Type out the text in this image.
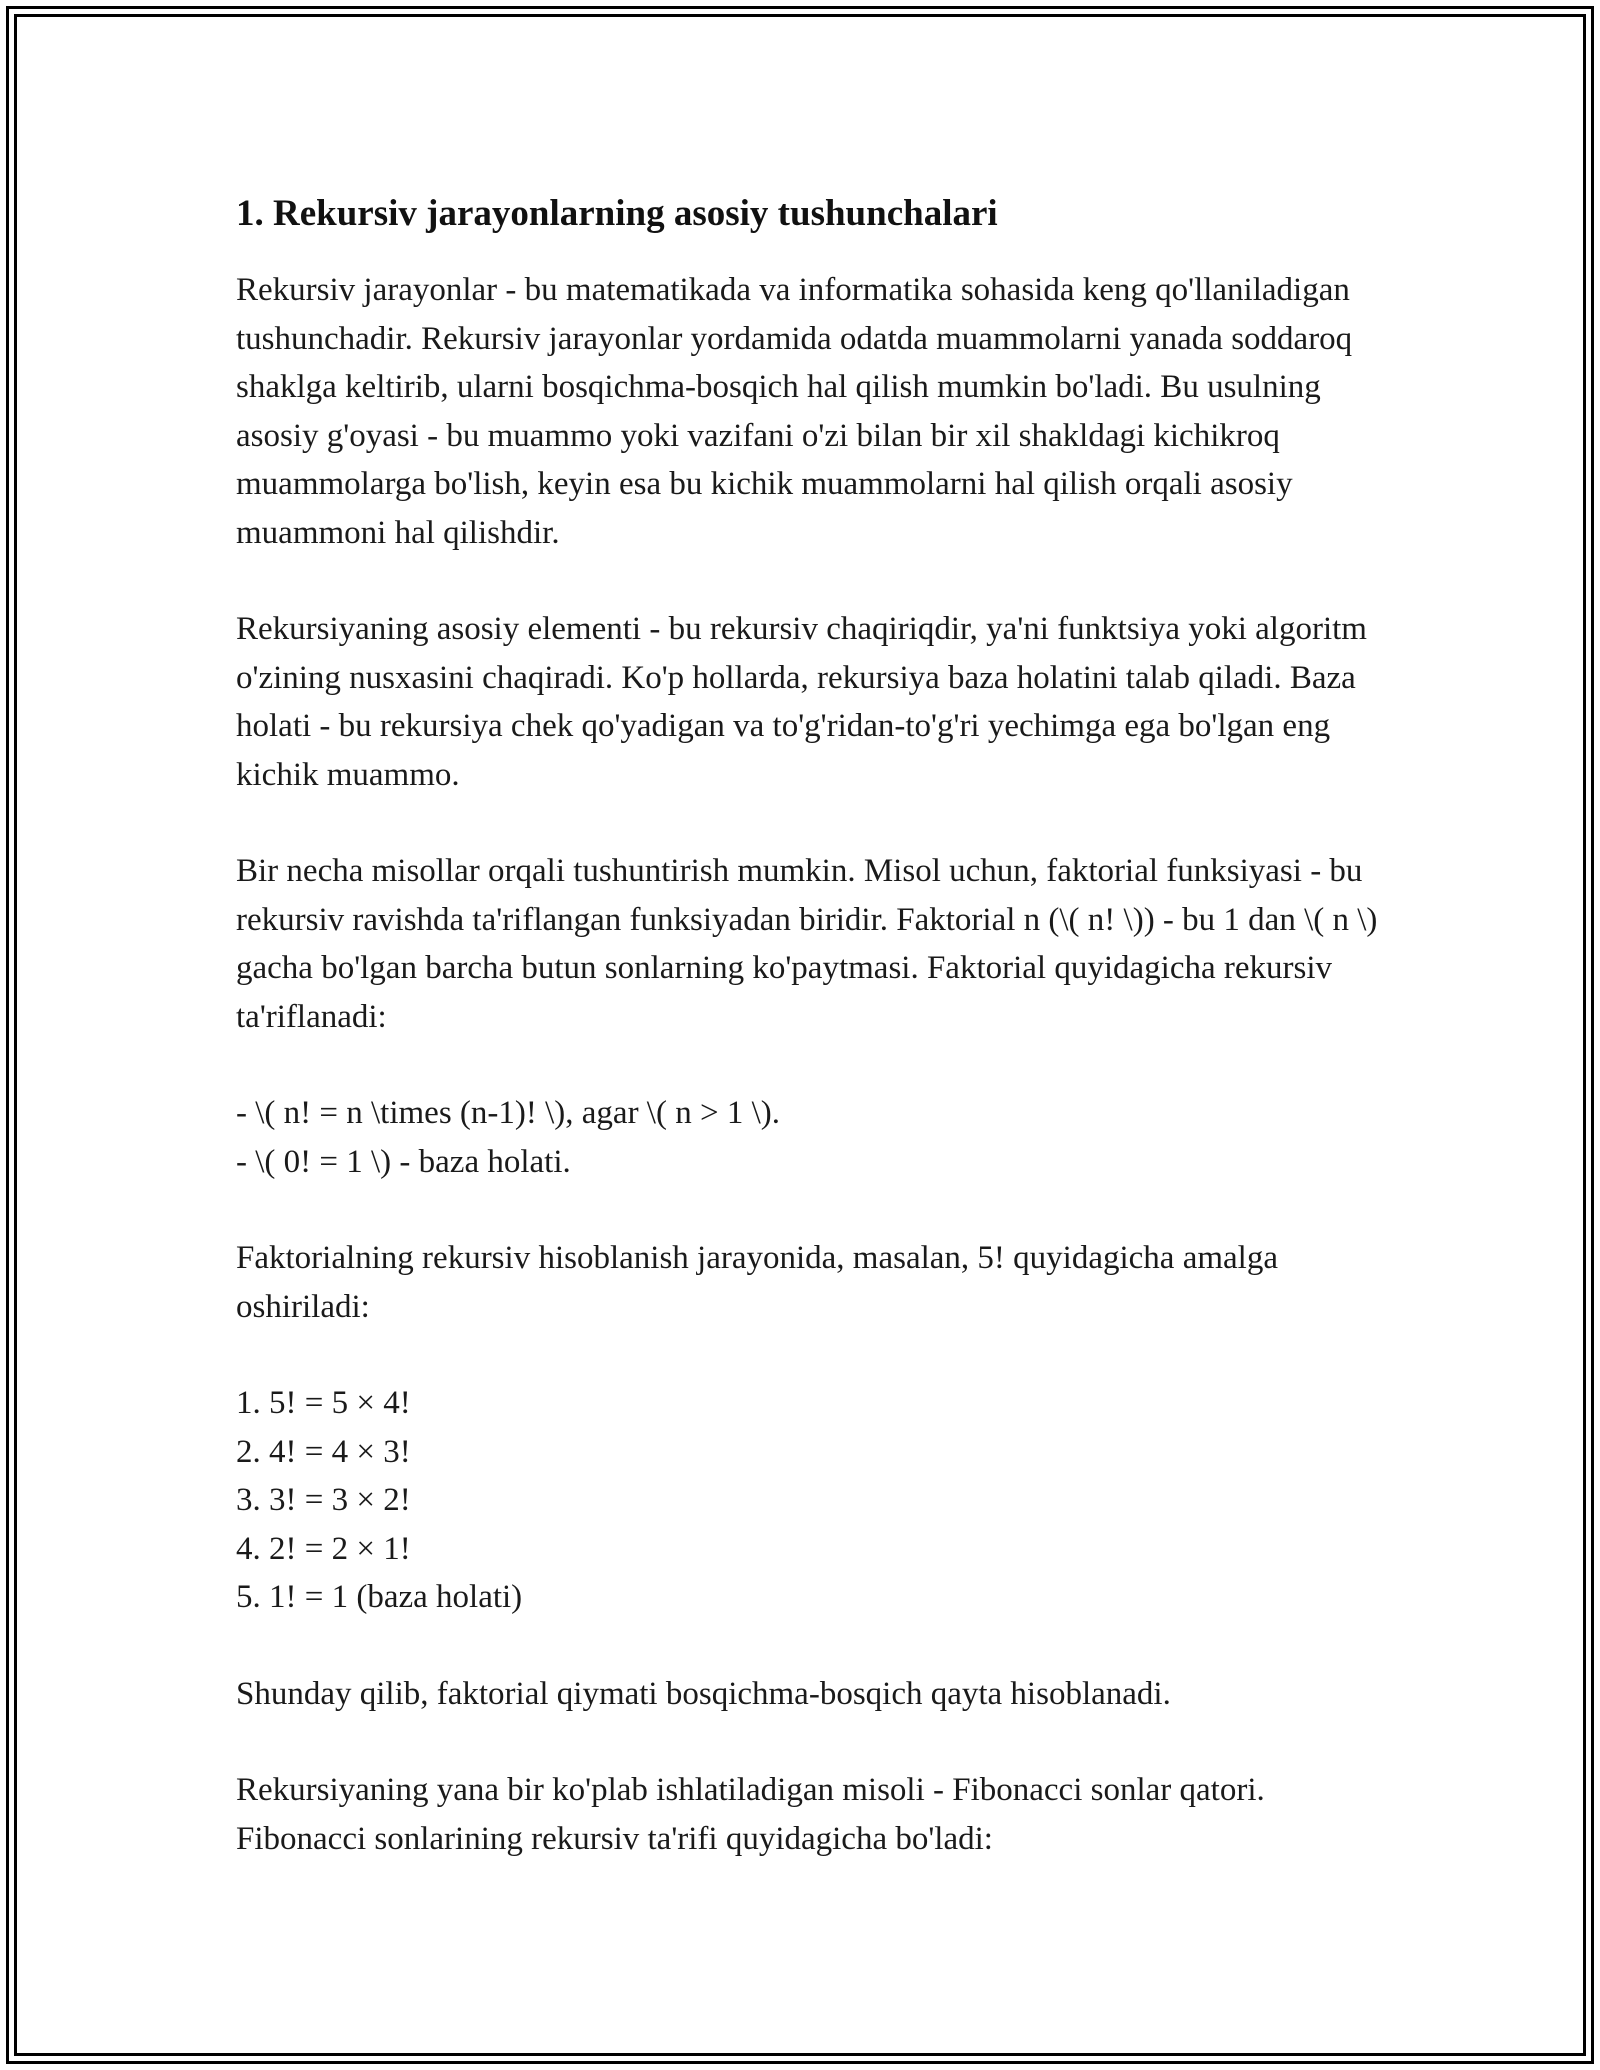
1. Rekursiv jarayonlarning asosiy tushunchalari

Rekursiv jarayonlar - bu matematikada va informatika sohasida keng qo'llaniladigan tushunchadir. Rekursiv jarayonlar yordamida odatda muammolarni yanada soddaroq shaklga keltirib, ularni bosqichma-bosqich hal qilish mumkin bo'ladi. Bu usulning asosiy g'oyasi - bu muammo yoki vazifani o'zi bilan bir xil shakldagi kichikroq muammolarga bo'lish, keyin esa bu kichik muammolarni hal qilish orqali asosiy muammoni hal qilishdir.

Rekursiyaning asosiy elementi - bu rekursiv chaqiriqdir, ya'ni funktsiya yoki algoritm o'zining nusxasini chaqiradi. Ko'p hollarda, rekursiya baza holatini talab qiladi. Baza holati - bu rekursiya chek qo'yadigan va to'g'ridan-to'g'ri yechimga ega bo'lgan eng kichik muammo.

Bir necha misollar orqali tushuntirish mumkin. Misol uchun, faktorial funksiyasi - bu rekursiv ravishda ta'riflangan funksiyadan biridir. Faktorial n (\( n! \)) - bu 1 dan \( n \) gacha bo'lgan barcha butun sonlarning ko'paytmasi. Faktorial quyidagicha rekursiv ta'riflanadi:

- \( n! = n \times (n-1)! \), agar \( n > 1 \).
- \( 0! = 1 \) - baza holati.

Faktorialning rekursiv hisoblanish jarayonida, masalan, 5! quyidagicha amalga oshiriladi:

1. 5! = 5 × 4!
2. 4! = 4 × 3!
3. 3! = 3 × 2!
4. 2! = 2 × 1!
5. 1! = 1 (baza holati)

Shunday qilib, faktorial qiymati bosqichma-bosqich qayta hisoblanadi.

Rekursiyaning yana bir ko'plab ishlatiladigan misoli - Fibonacci sonlar qatori. Fibonacci sonlarining rekursiv ta'rifi quyidagicha bo'ladi:
